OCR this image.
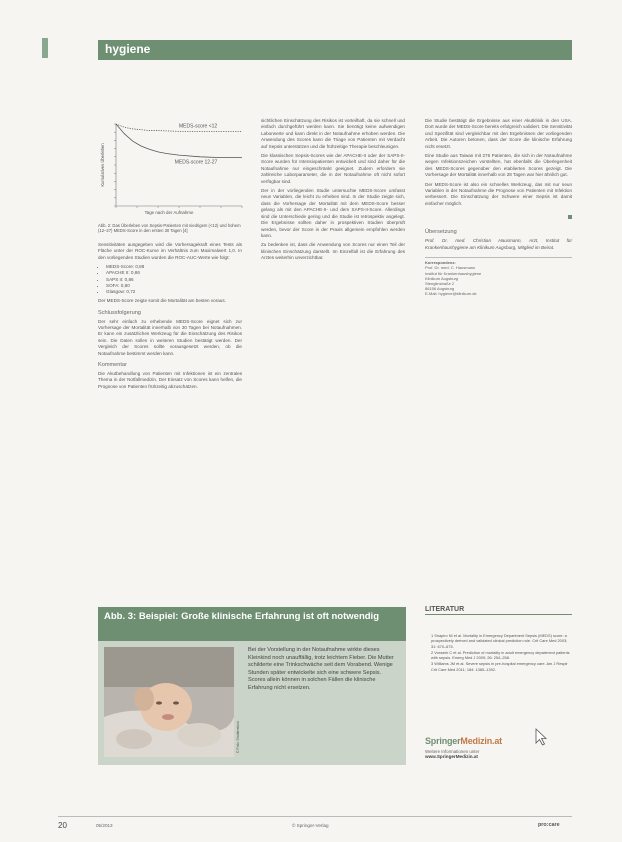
hygiene
Kumulatives Überleben
Tage nach der Aufnahme
MEDS-score <12
MEDS-score 12-27
Abb. 2: Das Überleben von Sepsis-Patienten mit niedrigem (<12) und hohem (12–27) MEDS-Score in den ersten 30 Tagen [4]

Sensitivitäten ausgegeben wird die Vorhersagekraft eines Tests als Fläche unter der ROC-Kurve im Verhältnis zum Maximalwert 1,0. In den vorliegenden Studien wurden die ROC-AUC-Werte wie folgt:

• MEDS-Score: 0,88
• APACHE II: 0,86
• SAPS II: 0,86
• SOFA: 0,80
• Glasgow: 0,72

Der MEDS-Score zeigte somit die Mortalität am besten voraus.

Schlussfolgerung

Der sehr einfach zu erhebende MEDS-Score eignet sich zur Vorhersage der Mortalität innerhalb von 30 Tagen bei Notaufnahmen. Er kann ein zusätzliches Werkzeug für die Einschätzung des Risikos sein. Die Daten sollen in weiteren Studien bestätigt werden. Der Vergleich der Scores sollte vorausgesetzt werden, ob die Notaufnahme bestimmt werden kann.

Kommentar

Die Akutbehandlung von Patienten mit Infektionen ist ein zentrales Thema in der Notfallmedizin. Der Einsatz von Scores kann helfen, die Prognose von Patienten frühzeitig abzuschätzen.

sichtlichen Einschätzung des Risikos ist vorteilhaft, da sie schnell und einfach durchgeführt werden kann. Sie benötigt keine aufwendigen Laborwerte und kann direkt in der Notaufnahme erhoben werden. Die Anwendung des Scores kann die Triage von Patienten mit Verdacht auf Sepsis unterstützen und die frühzeitige Therapie beschleunigen.

Die klassischen Sepsis-Scores wie der APACHE-II oder der SAPS-II-Score wurden für Intensivpatienten entwickelt und sind daher für die Notaufnahme nur eingeschränkt geeignet. Zudem erfordern sie zahlreiche Laborparameter, die in der Notaufnahme oft nicht sofort verfügbar sind.

Der in der vorliegenden Studie untersuchte MEDS-Score umfasst neun Variablen, die leicht zu erheben sind. In der Studie zeigte sich, dass die Vorhersage der Mortalität mit dem MEDS-Score besser gelang als mit den APACHE-II- und dem SAPS-II-Score. Allerdings sind die Unterschiede gering und die Studie ist retrospektiv angelegt. Die Ergebnisse sollten daher in prospektiven Studien überprüft werden, bevor der Score in der Praxis allgemein empfohlen werden kann.

Zu bedenken ist, dass die Anwendung von Scores nur einen Teil der klinischen Einschätzung darstellt. Im Einzelfall ist die Erfahrung des Arztes weiterhin unverzichtbar.

Die Studie bestätigt die Ergebnisse aus einer Akutklinik in den USA. Dort wurde der MEDS-Score bereits erfolgreich validiert. Die Sensitivität und Spezifität sind vergleichbar mit den Ergebnissen der vorliegenden Arbeit. Die Autoren betonen, dass der Score die klinische Erfahrung nicht ersetzt.

Eine Studie aus Taiwan mit 276 Patienten, die sich in der Notaufnahme wegen Infektionszeichen vorstellten, hat ebenfalls die Überlegenheit des MEDS-Scores gegenüber den etablierten Scores gezeigt. Die Vorhersage der Mortalität innerhalb von 28 Tagen war hier ähnlich gut.

Der MEDS-Score ist also ein schnelles Werkzeug, das mit nur neun Variablen in der Notaufnahme die Prognose von Patienten mit Infektion verbessert. Die Einschätzung der Schwere einer Sepsis ist damit einfacher möglich.

Übersetzung

Prof. Dr. med. Christian Hausmann, Arzt, Institut für Krankenhaushygiene am Klinikum Augsburg, Mitglied im Beirat.

Korrespondenz:
Prof. Dr. med. C. Hausmann
Institut für Krankenhaushygiene
Klinikum Augsburg
Stenglinstraße 2
86156 Augsburg
E-Mail: hygiene@klinikum.de
Abb. 3: Beispiel: Große klinische Erfahrung ist oft notwendig
© Foto: Shutterstock
Bei der Vorstellung in der Notaufnahme wirkte dieses Kleinkind noch unauffällig, trotz leichtem Fieber. Die Mutter schilderte eine Trinkschwäche seit dem Vorabend. Wenige Stunden später entwickelte sich eine schwere Sepsis. Scores allein können in solchen Fällen die klinische Erfahrung nicht ersetzen.
LITERATUR
1 Shapiro NI et al. Mortality in Emergency Department Sepsis (MEDS) score: a prospectively derived and validated clinical prediction rule. Crit Care Med 2003; 31: 670–675.
2 Vorwerk C et al. Prediction of mortality in adult emergency department patients with sepsis. Emerg Med J 2009; 26: 254–258.
3 Williams JM et al. Severe sepsis in pre-hospital emergency care. Am J Respir Crit Care Med 2011; 184: 1385–1392.
SpringerMedizin.at
Weitere Informationen unter
www.SpringerMedizin.at
20	05/2013	© Springer-Verlag	pro:care
